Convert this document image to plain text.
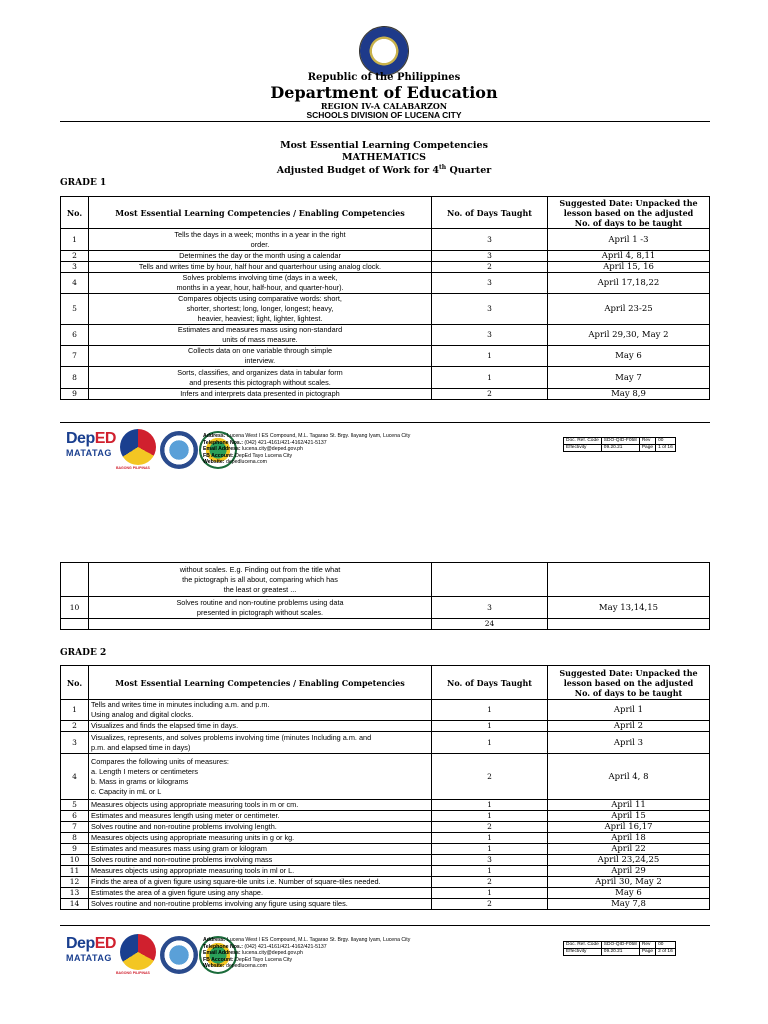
Republic of the Philippines
Department of Education
REGION IV-A CALABARZON
SCHOOLS DIVISION OF LUCENA CITY
Most Essential Learning Competencies
MATHEMATICS
Adjusted Budget of Work for 4th Quarter
GRADE 1
No.	Most Essential Learning Competencies / Enabling Competencies	No. of Days Taught	Suggested Date: Unpacked the
lesson based on the adjusted
No. of days to be taught

1	Tells the days in a week; months in a year in the right
order.	3	April 1 -3
2	Determines the day or the month using a calendar	3	April 4, 8,11
3	Tells and writes time by hour, half hour and quarterhour using analog clock.	2	April 15, 16
4	Solves problems involving time (days in a week,
months in a year, hour, half-hour, and quarter-hour).	3	April 17,18,22
5	Compares objects using comparative words: short,
shorter, shortest; long, longer, longest; heavy,
heavier, heaviest; light, lighter, lightest.	3	April 23-25
6	Estimates and measures mass using non-standard
units of mass measure.	3	April 29,30, May 2
7	Collects data on one variable through simple
interview.	1	May 6
8	Sorts, classifies, and organizes data in tabular form
and presents this pictograph without scales.	1	May 7
9	Infers and interprets data presented in pictograph	2	May 8,9
DepED
MATATAG
BAGONG PILIPINAS
Address: Lucena West I ES Compound, M.L. Tagarao St. Brgy. Ilayang Iyam, Lucena City
Telephone Nos.: (042) 421-4161/421-4162/421-5137
Email Address: lucena.city@deped.gov.ph
FB Account: DepEd Tayo Lucena City
Website: depedlucena.com
Doc. Ref. Code	SDO-QID-F058	Rev	00
Effectivity	09.20.21	Page	1 of 16

	without scales. E.g. Finding out from the title what
the pictograph is all about, comparing which has
the least or greatest ...		

10	Solves routine and non-routine problems using data
presented in pictograph without scales.	3	May 13,14,15
		24	
GRADE 2
No.	Most Essential Learning Competencies / Enabling Competencies	No. of Days Taught	Suggested Date: Unpacked the
lesson based on the adjusted
No. of days to be taught

1	Tells and writes time in minutes including a.m. and p.m.
Using analog and digital clocks.	1	April 1
2	Visualizes and finds the elapsed time in days.	1	April 2
3	Visualizes, represents, and solves problems involving time (minutes Including a.m. and
p.m. and elapsed time in days)	1	April 3
4	Compares the following units of measures:
a. Length I meters or centimeters
b. Mass in grams or kilograms
c. Capacity in mL or L	2	April 4, 8
5	Measures objects using appropriate measuring tools in m or cm.	1	April 11
6	Estimates and measures length using meter or centimeter.	1	April 15
7	Solves routine and non-routine problems involving length.	2	April 16,17
8	Measures objects using appropriate measuring units in g or kg.	1	April 18
9	Estimates and measures mass using gram or kilogram	1	April 22
10	Solves routine and non-routine problems involving mass	3	April 23,24,25
11	Measures objects using appropriate measuring tools in ml or L.	1	April 29
12	Finds the area of a given figure using square-tile units i.e. Number of square-tiles needed.	2	April 30, May 2
13	Estimates the area of a given figure using any shape.	1	May 6
14	Solves routine and non-routine problems involving any figure using square tiles.	2	May 7,8
DepED
MATATAG
BAGONG PILIPINAS
Address: Lucena West I ES Compound, M.L. Tagarao St. Brgy. Ilayang Iyam, Lucena City
Telephone Nos.: (042) 421-4161/421-4162/421-5137
Email Address: lucena.city@deped.gov.ph
FB Account: DepEd Tayo Lucena City
Website: depedlucena.com
Doc. Ref. Code	SDO-QID-F058	Rev	00
Effectivity	09.20.21	Page	2 of 16
